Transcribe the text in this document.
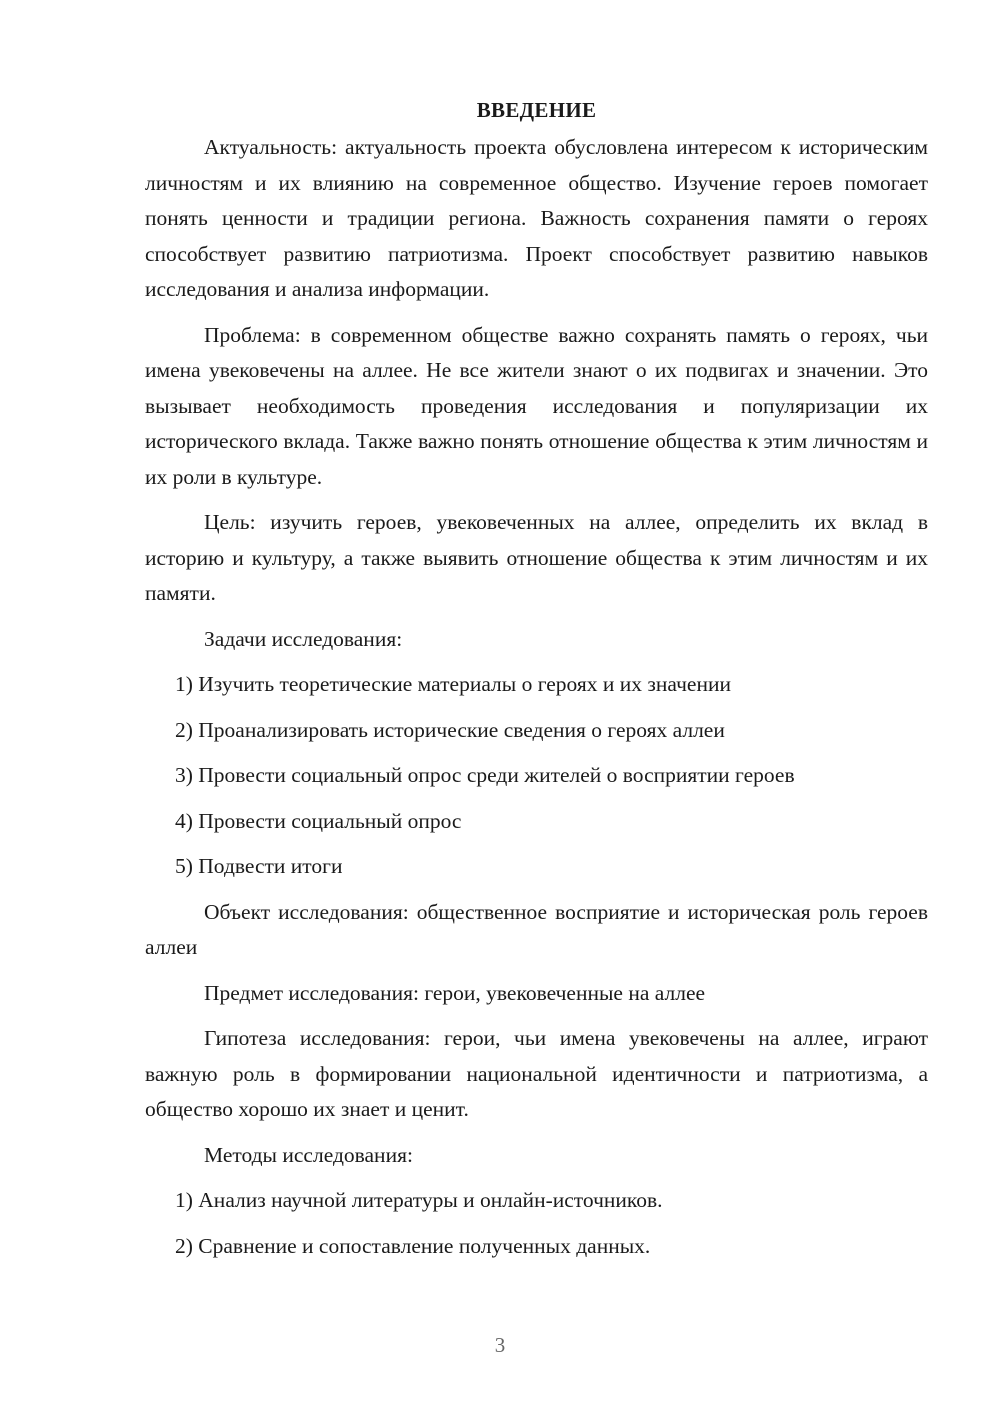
ВВЕДЕНИЕ

Актуальность: актуальность проекта обусловлена интересом к историческим личностям и их влиянию на современное общество. Изучение героев помогает понять ценности и традиции региона. Важность сохранения памяти о героях способствует развитию патриотизма. Проект способствует развитию навыков исследования и анализа информации.

Проблема: в современном обществе важно сохранять память о героях, чьи имена увековечены на аллее. Не все жители знают о их подвигах и значении. Это вызывает необходимость проведения исследования и популяризации их исторического вклада. Также важно понять отношение общества к этим личностям и их роли в культуре.

Цель: изучить героев, увековеченных на аллее, определить их вклад в историю и культуру, а также выявить отношение общества к этим личностям и их памяти.

Задачи исследования:

1) Изучить теоретические материалы о героях и их значении

2) Проанализировать исторические сведения о героях аллеи

3) Провести социальный опрос среди жителей о восприятии героев

4) Провести социальный опрос

5) Подвести итоги

Объект исследования: общественное восприятие и историческая роль героев аллеи

Предмет исследования: герои, увековеченные на аллее

Гипотеза исследования: герои, чьи имена увековечены на аллее, играют важную роль в формировании национальной идентичности и патриотизма, а общество хорошо их знает и ценит.

Методы исследования:

1) Анализ научной литературы и онлайн-источников.

2) Сравнение и сопоставление полученных данных.

3
